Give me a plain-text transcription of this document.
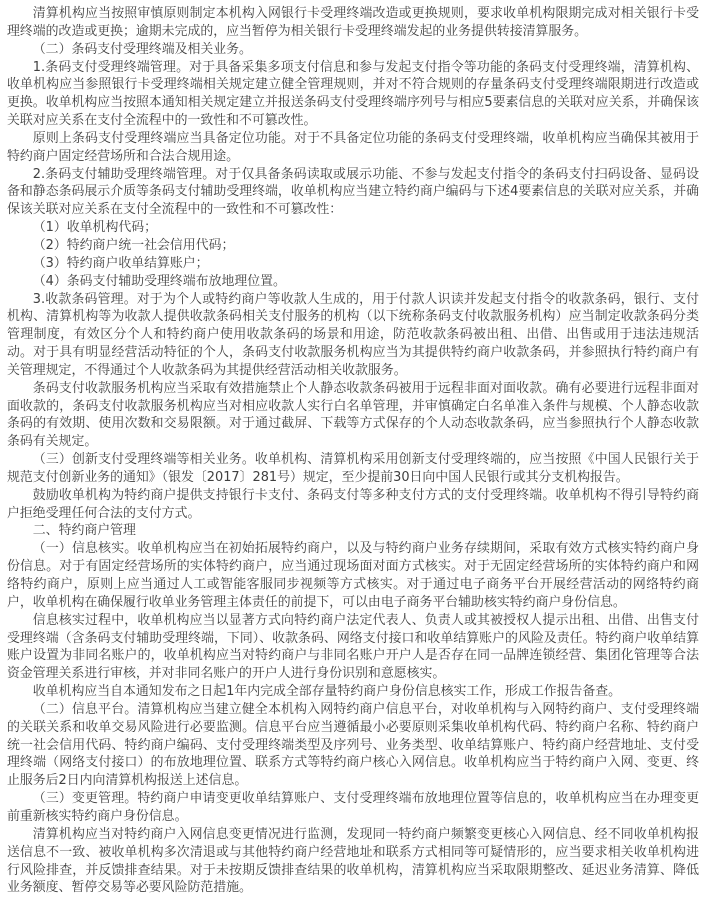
清算机构应当按照审慎原则制定本机构入网银行卡受理终端改造或更换规则，要求收单机构限期完成对相关银行卡受理终端的改造或更换；逾期未完成的，应当暂停为相关银行卡受理终端发起的业务提供转接清算服务。

（二）条码支付受理终端及相关业务。

1.条码支付受理终端管理。对于具备采集多项支付信息和参与发起支付指令等功能的条码支付受理终端，清算机构、收单机构应当参照银行卡受理终端相关规定建立健全管理规则，并对不符合规则的存量条码支付受理终端限期进行改造或更换。收单机构应当按照本通知相关规定建立并报送条码支付受理终端序列号与相应5要素信息的关联对应关系，并确保该关联对应关系在支付全流程中的一致性和不可篡改性。

原则上条码支付受理终端应当具备定位功能。对于不具备定位功能的条码支付受理终端，收单机构应当确保其被用于特约商户固定经营场所和合法合规用途。

2.条码支付辅助受理终端管理。对于仅具备条码读取或展示功能、不参与发起支付指令的条码支付扫码设备、显码设备和静态条码展示介质等条码支付辅助受理终端，收单机构应当建立特约商户编码与下述4要素信息的关联对应关系，并确保该关联对应关系在支付全流程中的一致性和不可篡改性：

（1）收单机构代码；

（2）特约商户统一社会信用代码；

（3）特约商户收单结算账户；

（4）条码支付辅助受理终端布放地理位置。

3.收款条码管理。对于为个人或特约商户等收款人生成的，用于付款人识读并发起支付指令的收款条码，银行、支付机构、清算机构等为收款人提供收款条码相关支付服务的机构（以下统称条码支付收款服务机构）应当制定收款条码分类管理制度，有效区分个人和特约商户使用收款条码的场景和用途，防范收款条码被出租、出借、出售或用于违法违规活动。对于具有明显经营活动特征的个人，条码支付收款服务机构应当为其提供特约商户收款条码，并参照执行特约商户有关管理规定，不得通过个人收款条码为其提供经营活动相关收款服务。

条码支付收款服务机构应当采取有效措施禁止个人静态收款条码被用于远程非面对面收款。确有必要进行远程非面对面收款的，条码支付收款服务机构应当对相应收款人实行白名单管理，并审慎确定白名单准入条件与规模、个人静态收款条码的有效期、使用次数和交易限额。对于通过截屏、下载等方式保存的个人动态收款条码，应当参照执行个人静态收款条码有关规定。

（三）创新支付受理终端等相关业务。收单机构、清算机构采用创新支付受理终端的，应当按照《中国人民银行关于规范支付创新业务的通知》（银发〔2017〕281号）规定，至少提前30日向中国人民银行或其分支机构报告。

鼓励收单机构为特约商户提供支持银行卡支付、条码支付等多种支付方式的支付受理终端。收单机构不得引导特约商户拒绝受理任何合法的支付方式。

二、特约商户管理

（一）信息核实。收单机构应当在初始拓展特约商户，以及与特约商户业务存续期间，采取有效方式核实特约商户身份信息。对于有固定经营场所的实体特约商户，应当通过现场面对面方式核实。对于无固定经营场所的实体特约商户和网络特约商户，原则上应当通过人工或智能客服同步视频等方式核实。对于通过电子商务平台开展经营活动的网络特约商户，收单机构在确保履行收单业务管理主体责任的前提下，可以由电子商务平台辅助核实特约商户身份信息。

信息核实过程中，收单机构应当以显著方式向特约商户法定代表人、负责人或其被授权人提示出租、出借、出售支付受理终端（含条码支付辅助受理终端，下同）、收款条码、网络支付接口和收单结算账户的风险及责任。特约商户收单结算账户设置为非同名账户的，收单机构应当对特约商户与非同名账户开户人是否存在同一品牌连锁经营、集团化管理等合法资金管理关系进行审核，并对非同名账户的开户人进行身份识别和意愿核实。

收单机构应当自本通知发布之日起1年内完成全部存量特约商户身份信息核实工作，形成工作报告备查。

（二）信息平台。清算机构应当建立健全本机构入网特约商户信息平台，对收单机构与入网特约商户、支付受理终端的关联关系和收单交易风险进行必要监测。信息平台应当遵循最小必要原则采集收单机构代码、特约商户名称、特约商户统一社会信用代码、特约商户编码、支付受理终端类型及序列号、业务类型、收单结算账户、特约商户经营地址、支付受理终端（网络支付接口）的布放地理位置、联系方式等特约商户核心入网信息。收单机构应当于特约商户入网、变更、终止服务后2日内向清算机构报送上述信息。

（三）变更管理。特约商户申请变更收单结算账户、支付受理终端布放地理位置等信息的，收单机构应当在办理变更前重新核实特约商户身份信息。

清算机构应当对特约商户入网信息变更情况进行监测，发现同一特约商户频繁变更核心入网信息、经不同收单机构报送信息不一致、被收单机构多次清退或与其他特约商户经营地址和联系方式相同等可疑情形的，应当要求相关收单机构进行风险排查，并反馈排查结果。对于未按期反馈排查结果的收单机构，清算机构应当采取限期整改、延迟业务清算、降低业务额度、暂停交易等必要风险防范措施。
